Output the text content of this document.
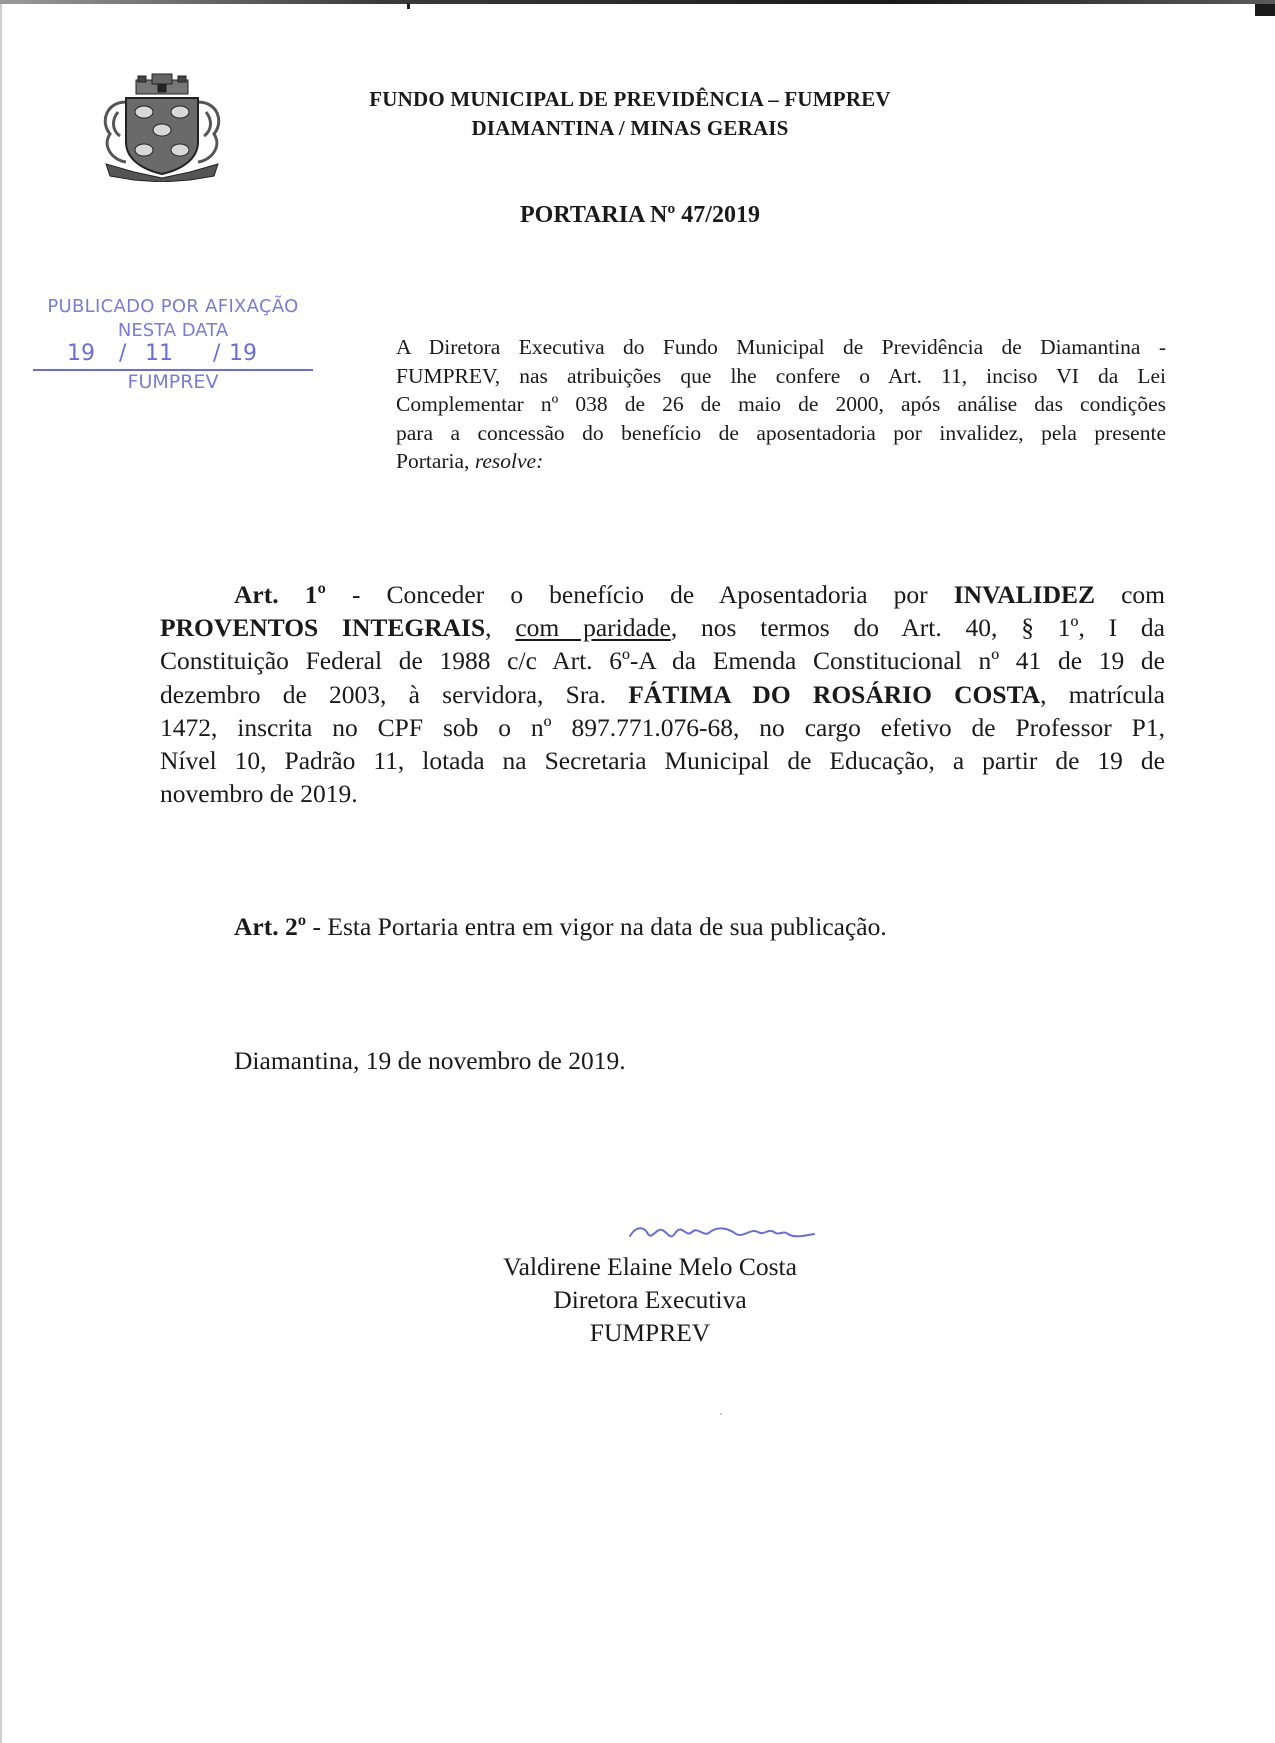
FUNDO MUNICIPAL DE PREVIDÊNCIA – FUMPREV
DIAMANTINA / MINAS GERAIS
PORTARIA Nº 47/2019
PUBLICADO POR AFIXAÇÃO
NESTA DATA
19 / 11 / 19
FUMPREV
A Diretora Executiva do Fundo Municipal de Previdência de Diamantina -
FUMPREV, nas atribuições que lhe confere o Art. 11, inciso VI da Lei
Complementar nº 038 de 26 de maio de 2000, após análise das condições
para a concessão do benefício de aposentadoria por invalidez, pela presente
Portaria, resolve:
Art. 1º - Conceder o benefício de Aposentadoria por INVALIDEZ com
PROVENTOS INTEGRAIS, com paridade, nos termos do Art. 40, § 1º, I da
Constituição Federal de 1988 c/c Art. 6º-A da Emenda Constitucional nº 41 de 19 de
dezembro de 2003, à servidora, Sra. FÁTIMA DO ROSÁRIO COSTA, matrícula
1472, inscrita no CPF sob o nº 897.771.076-68, no cargo efetivo de Professor P1,
Nível 10, Padrão 11, lotada na Secretaria Municipal de Educação, a partir de 19 de
novembro de 2019.
Art. 2º - Esta Portaria entra em vigor na data de sua publicação.
Diamantina, 19 de novembro de 2019.
Valdirene Elaine Melo Costa
Diretora Executiva
FUMPREV
